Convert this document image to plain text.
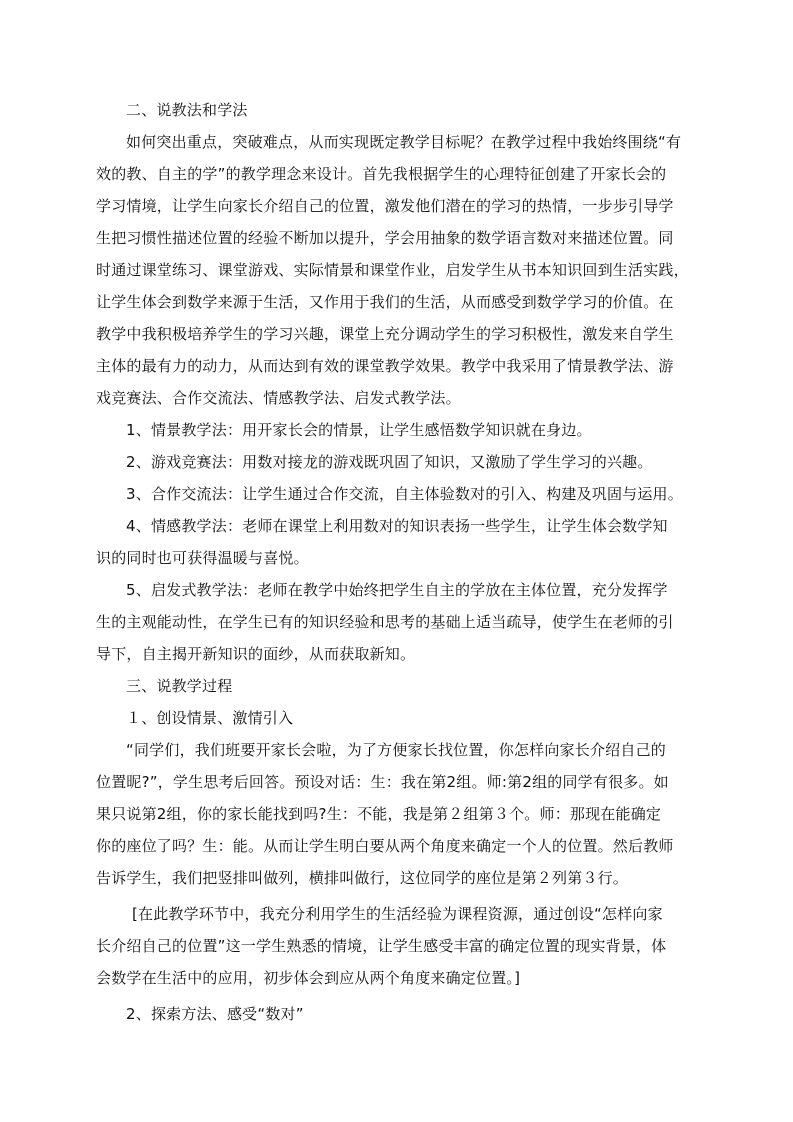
二、说教法和学法
如何突出重点，突破难点，从而实现既定教学目标呢？在教学过程中我始终围绕“有
效的教、自主的学”的教学理念来设计。首先我根据学生的心理特征创建了开家长会的
学习情境，让学生向家长介绍自己的位置，激发他们潜在的学习的热情，一步步引导学
生把习惯性描述位置的经验不断加以提升，学会用抽象的数学语言数对来描述位置。同
时通过课堂练习、课堂游戏、实际情景和课堂作业，启发学生从书本知识回到生活实践，
让学生体会到数学来源于生活，又作用于我们的生活，从而感受到数学学习的价值。在
教学中我积极培养学生的学习兴趣，课堂上充分调动学生的学习积极性，激发来自学生
主体的最有力的动力，从而达到有效的课堂教学效果。教学中我采用了情景教学法、游
戏竞赛法、合作交流法、情感教学法、启发式教学法。
1、情景教学法：用开家长会的情景，让学生感悟数学知识就在身边。
2、游戏竞赛法：用数对接龙的游戏既巩固了知识，又激励了学生学习的兴趣。
3、合作交流法：让学生通过合作交流，自主体验数对的引入、构建及巩固与运用。
4、情感教学法：老师在课堂上利用数对的知识表扬一些学生，让学生体会数学知
识的同时也可获得温暖与喜悦。
5、启发式教学法：老师在教学中始终把学生自主的学放在主体位置，充分发挥学
生的主观能动性，在学生已有的知识经验和思考的基础上适当疏导，使学生在老师的引
导下，自主揭开新知识的面纱，从而获取新知。
三、说教学过程
１、创设情景、激情引入
“同学们，我们班要开家长会啦，为了方便家长找位置，你怎样向家长介绍自己的
位置昵?”，学生思考后回答。预设对话：生：我在第2组。师:第2组的同学有很多。如
果只说第2组，你的家长能找到吗?生：不能，我是第２组第３个。师：那现在能确定
你的座位了吗？生：能。从而让学生明白要从两个角度来确定一个人的位置。然后教师
告诉学生，我们把竖排叫做列，横排叫做行，这位同学的座位是第２列第３行。
[在此教学环节中，我充分利用学生的生活经验为课程资源，通过创设“怎样向家
长介绍自己的位置”这一学生熟悉的情境，让学生感受丰富的确定位置的现实背景，体
会数学在生活中的应用，初步体会到应从两个角度来确定位置。]
2、探索方法、感受“数对”
